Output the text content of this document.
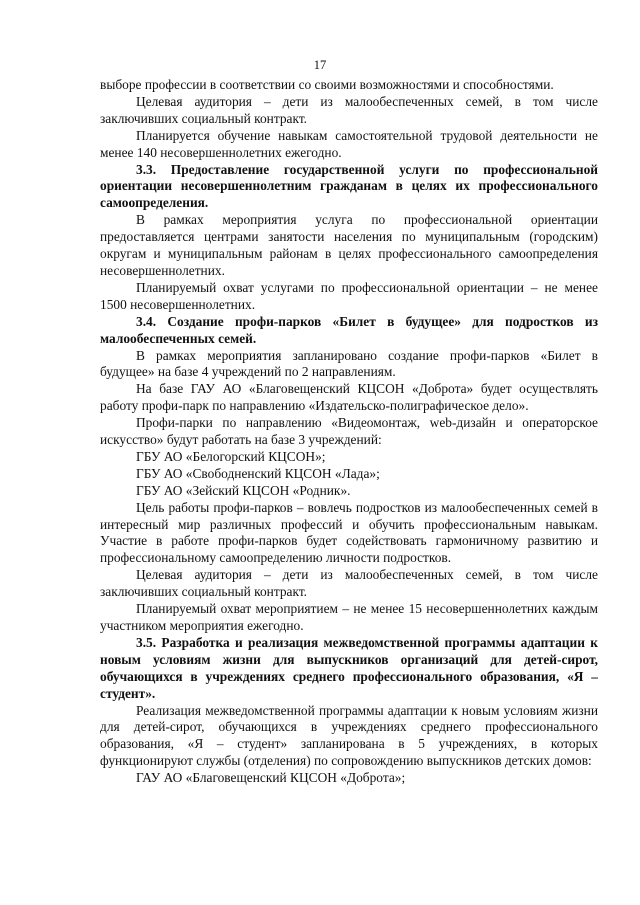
17

выборе профессии в соответствии со своими возможностями и способностями.

Целевая аудитория – дети из малообеспеченных семей, в том числе заключивших социальный контракт.

Планируется обучение навыкам самостоятельной трудовой деятельности не менее 140 несовершеннолетних ежегодно.

3.3. Предоставление государственной услуги по профессиональной ориентации несовершеннолетним гражданам в целях их профессионального самоопределения.

В рамках мероприятия услуга по профессиональной ориентации предоставляется центрами занятости населения по муниципальным (городским) округам и муниципальным районам в целях профессионального самоопределения несовершеннолетних.

Планируемый охват услугами по профессиональной ориентации – не менее 1500 несовершеннолетних.

3.4. Создание профи-парков «Билет в будущее» для подростков из малообеспеченных семей.

В рамках мероприятия запланировано создание профи-парков «Билет в будущее» на базе 4 учреждений по 2 направлениям.

На базе ГАУ АО «Благовещенский КЦСОН «Доброта» будет осуществлять работу профи-парк по направлению «Издательско-полиграфическое дело».

Профи-парки по направлению «Видеомонтаж, web-дизайн и операторское искусство» будут работать на базе 3 учреждений:

ГБУ АО «Белогорский КЦСОН»;

ГБУ АО «Свободненский КЦСОН «Лада»;

ГБУ АО «Зейский КЦСОН «Родник».

Цель работы профи-парков – вовлечь подростков из малообеспеченных семей в интересный мир различных профессий и обучить профессиональным навыкам. Участие в работе профи-парков будет содействовать гармоничному развитию и профессиональному самоопределению личности подростков.

Целевая аудитория – дети из малообеспеченных семей, в том числе заключивших социальный контракт.

Планируемый охват мероприятием – не менее 15 несовершеннолетних каждым участником мероприятия ежегодно.

3.5. Разработка и реализация межведомственной программы адаптации к новым условиям жизни для выпускников организаций для детей-сирот, обучающихся в учреждениях среднего профессионального образования, «Я – студент».

Реализация межведомственной программы адаптации к новым условиям жизни для детей-сирот, обучающихся в учреждениях среднего профессионального образования, «Я – студент» запланирована в 5 учреждениях, в которых функционируют службы (отделения) по сопровождению выпускников детских домов:

ГАУ АО «Благовещенский КЦСОН «Доброта»;
